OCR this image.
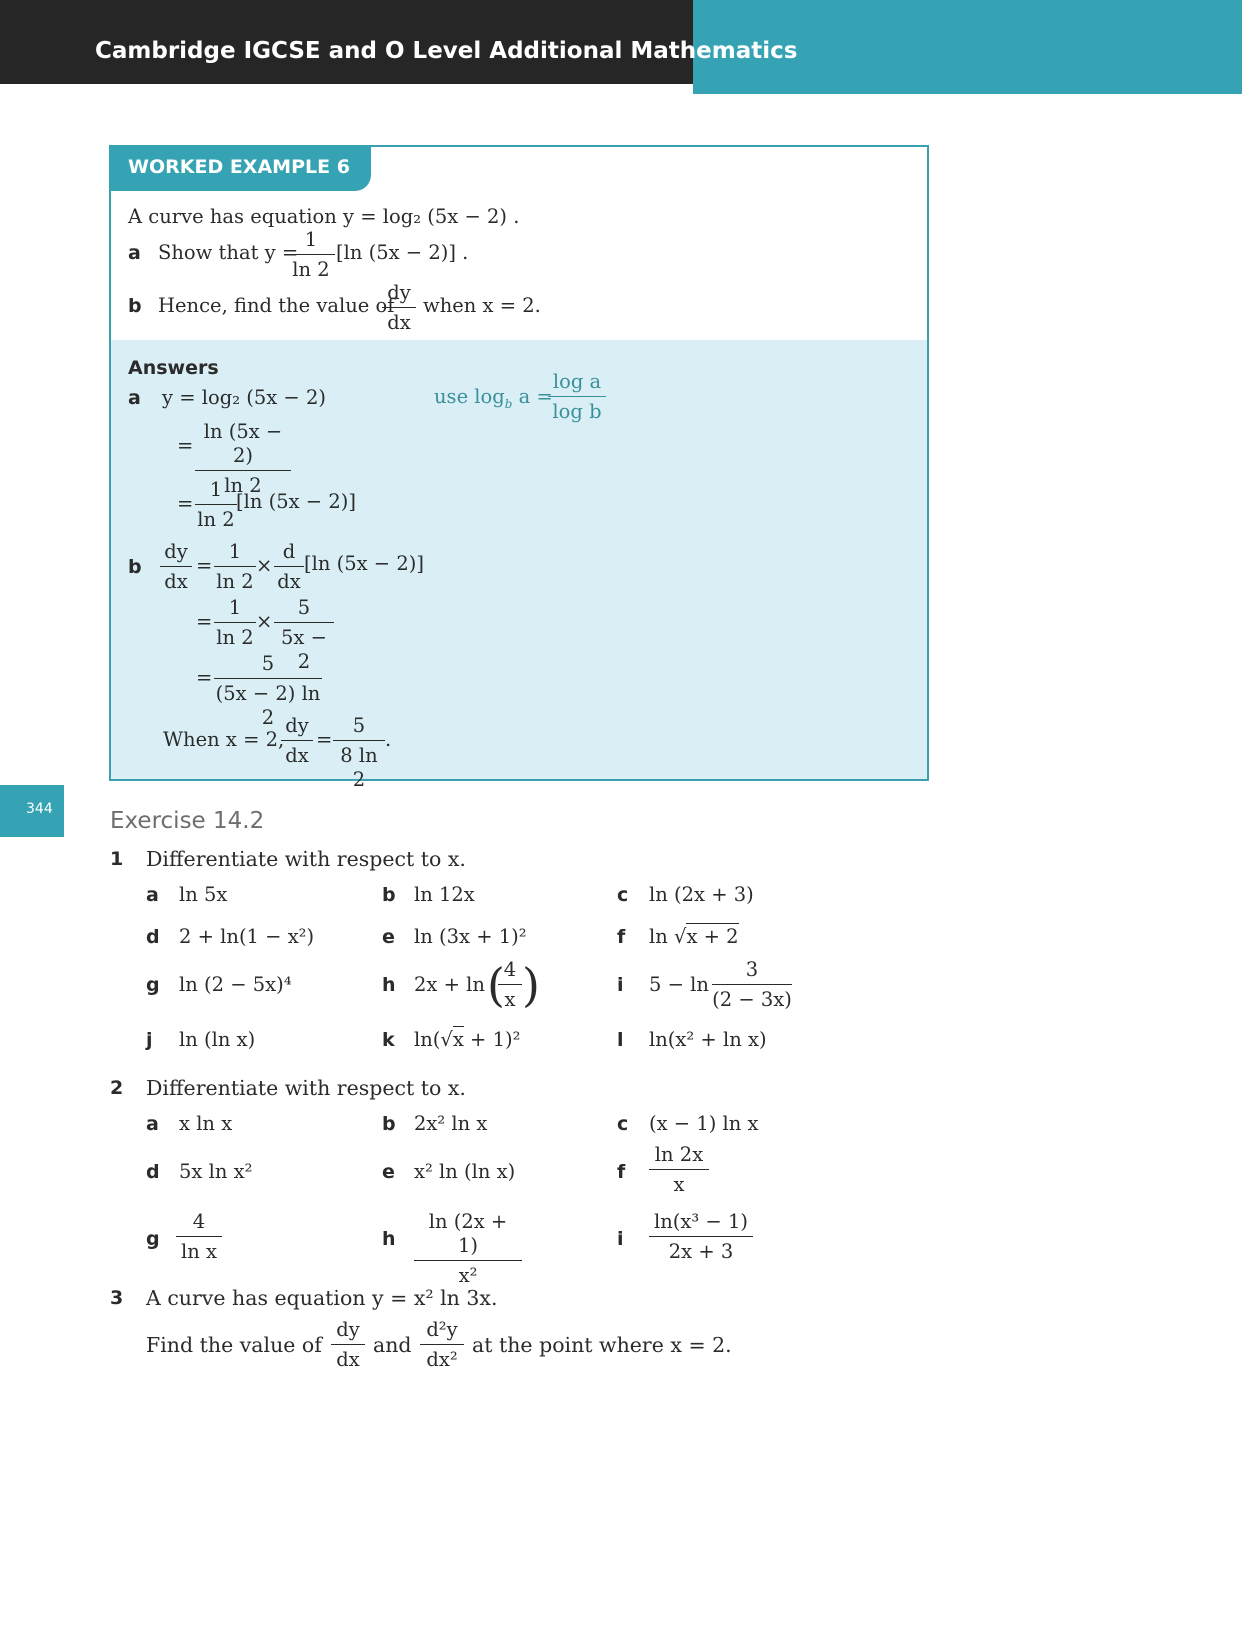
Cambridge IGCSE and O Level Additional Mathematics
WORKED EXAMPLE 6
A curve has equation y = log₂ (5x − 2) .
a Show that y =
$\frac{1}{\ln 2} [\ln$ (5x − 2)] .
b Hence, find the value of
$\frac{dy}{dx}$ when x = 2.
Answers
a y = log₂ (5x − 2)
= $\frac{\ln (5x - 2)}{\ln 2}$
= $\frac{1}{\ln 2} [\ln$ (5x − 2)]
use $\log_b a$ =
$\frac{\text{log a}}{\text{log b}}$
b $\frac{dy}{dx} = \frac{1}{\ln 2} \times \frac{d}{dx} [\ln$ (5x − 2)]
= $\frac{1}{\ln 2} \times \frac{5}{5x - 2}$
= $\frac{5}{(5x - 2) \ln 2}$
When x = 2,
$\frac{dy}{dx} = \frac{5}{8 \ln 2}$ .
344 Exercise 14.2
1 Differentiate with respect to x.
a ln 5x	b ln 12x	c ln (2x + 3)
d 2 + ln(1 − x²)	e ln (3x + 1)²	f ln √x + 2
g ln (2 − 5x)⁴	h 2x + ln (
$\frac{4}{x}$ )	i $5 - \ln \frac{3}{(2 - 3x)}$
j ln (ln x)	k ln(√x + 1)²	l ln(x² + ln x)
2 Differentiate with respect to x.
a x ln x	b 2x² ln x	c (x − 1) ln x
d 5x ln x²	e x² ln (ln x)	f $\frac{\ln 2x}{x}$
g $\frac{4}{\text{ln x}}$	h $\frac{\ln (2x + 1)}{\text{x²}}$	i $\frac{\text{ln(x³ − 1)}}{2x + 3}$
3 A curve has equation y = x² ln 3x.
Find the value of $\frac{dy}{dx}$ and $\frac{\text{d²y}}{\text{dx²}}$ at the point where x = 2.
